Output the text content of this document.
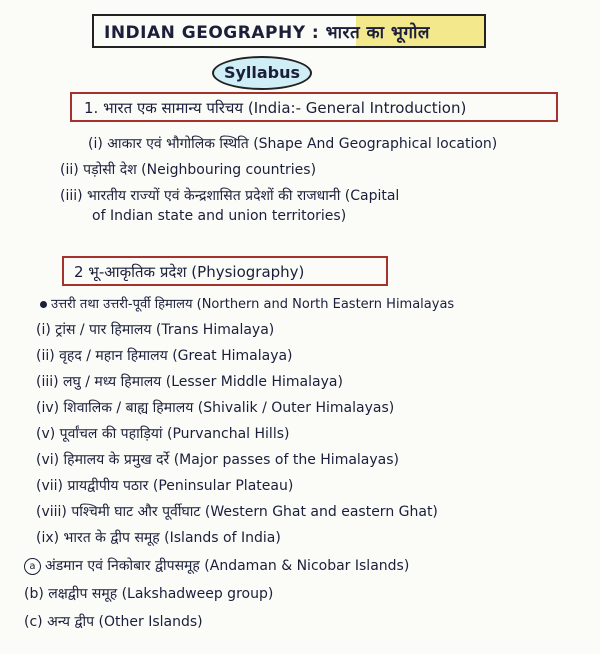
INDIAN GEOGRAPHY : भारत का भूगोल
Syllabus
1. भारत एक सामान्य परिचय (India:- General Introduction)
(i) आकार एवं भौगोलिक स्थिति (Shape And Geographical location)
(ii) पड़ोसी देश (Neighbouring countries)
(iii) भारतीय राज्यों एवं केन्द्रशासित प्रदेशों की राजधानी (Capital
of Indian state and union territories)
2 भू-आकृतिक प्रदेश (Physiography)
उत्तरी तथा उत्तरी-पूर्वी हिमालय (Northern and North Eastern Himalayas
(i) ट्रांस / पार हिमालय (Trans Himalaya)
(ii) वृहद / महान हिमालय (Great Himalaya)
(iii) लघु / मध्य हिमालय (Lesser Middle Himalaya)
(iv) शिवालिक / बाह्य हिमालय (Shivalik / Outer Himalayas)
(v) पूर्वांचल की पहाड़ियां (Purvanchal Hills)
(vi) हिमालय के प्रमुख दर्रे (Major passes of the Himalayas)
(vii) प्रायद्वीपीय पठार (Peninsular Plateau)
(viii) पश्चिमी घाट और पूर्वीघाट (Western Ghat and eastern Ghat)
(ix) भारत के द्वीप समूह (Islands of India)
a अंडमान एवं निकोबार द्वीपसमूह (Andaman & Nicobar Islands)
(b) लक्षद्वीप समूह (Lakshadweep group)
(c) अन्य द्वीप (Other Islands)
